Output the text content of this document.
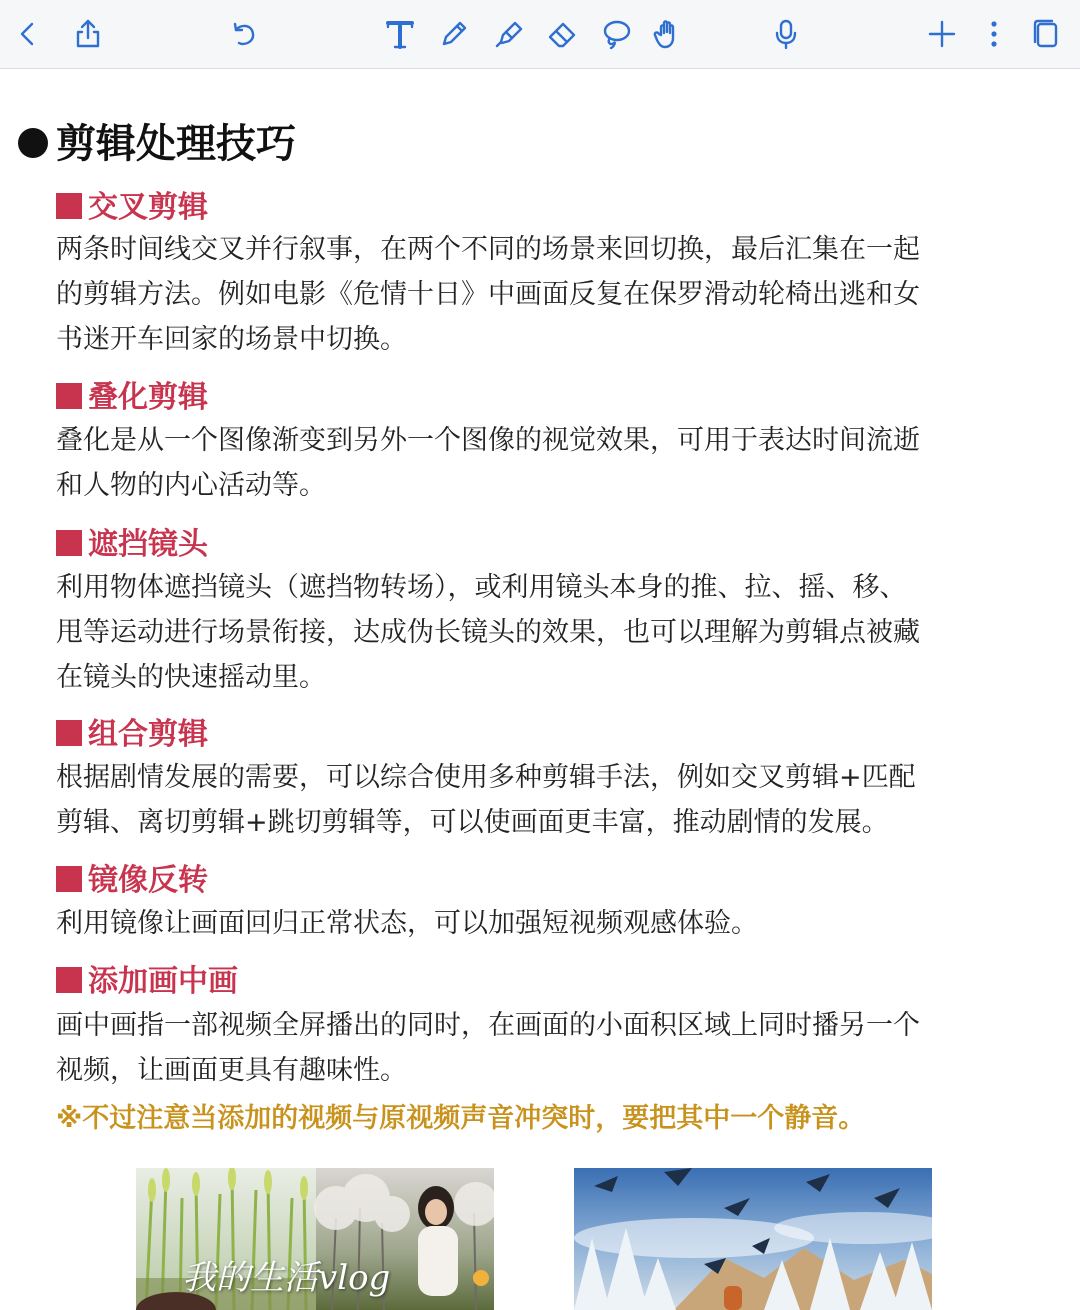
剪辑处理技巧
交叉剪辑

两条时间线交叉并行叙事，在两个不同的场景来回切换，最后汇集在一起

的剪辑方法。例如电影《危情十日》中画面反复在保罗滑动轮椅出逃和女

书迷开车回家的场景中切换。

叠化剪辑

叠化是从一个图像渐变到另外一个图像的视觉效果，可用于表达时间流逝

和人物的内心活动等。

遮挡镜头

利用物体遮挡镜头（遮挡物转场），或利用镜头本身的推、拉、摇、移、

甩等运动进行场景衔接，达成伪长镜头的效果，也可以理解为剪辑点被藏

在镜头的快速摇动里。

组合剪辑

根据剧情发展的需要，可以综合使用多种剪辑手法，例如交叉剪辑+匹配

剪辑、离切剪辑+跳切剪辑等，可以使画面更丰富，推动剧情的发展。

镜像反转

利用镜像让画面回归正常状态，可以加强短视频观感体验。

添加画中画

画中画指一部视频全屏播出的同时，在画面的小面积区域上同时播另一个

视频，让画面更具有趣味性。

※不过注意当添加的视频与原视频声音冲突时，要把其中一个静音。
我的生活vlog
